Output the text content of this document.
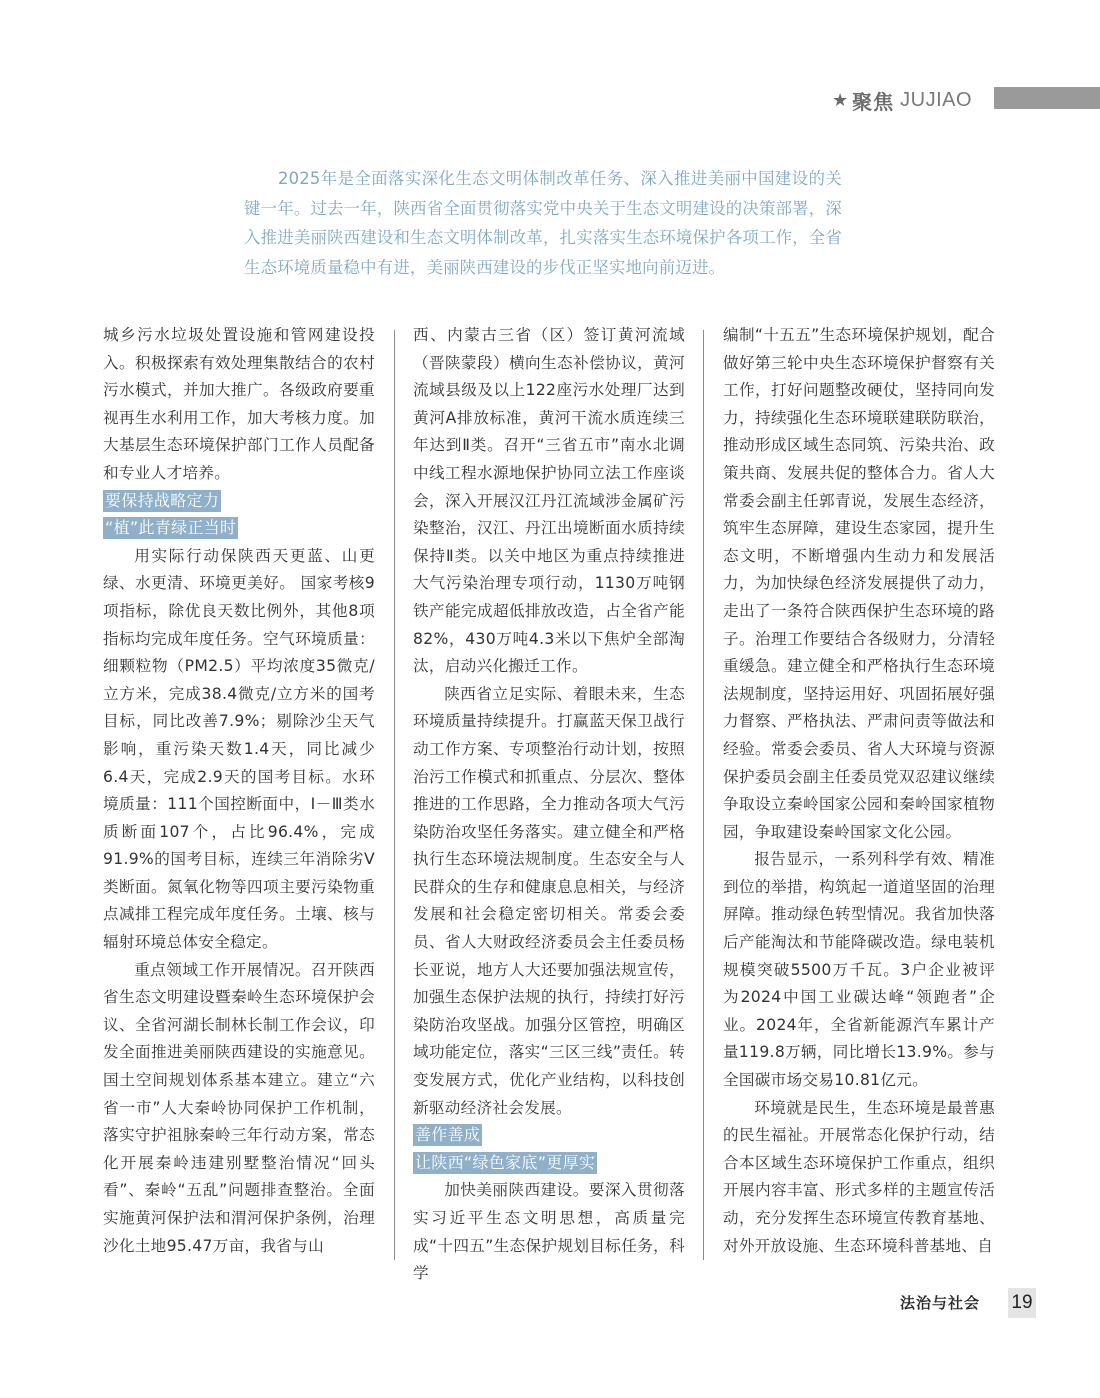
★ 聚焦 JUJIAO
2025年是全面落实深化生态文明体制改革任务、深入推进美丽中国建设的关键一年。过去一年，陕西省全面贯彻落实党中央关于生态文明建设的决策部署，深入推进美丽陕西建设和生态文明体制改革，扎实落实生态环境保护各项工作，全省生态环境质量稳中有进，美丽陕西建设的步伐正坚实地向前迈进。

城乡污水垃圾处置设施和管网建设投入。积极探索有效处理集散结合的农村污水模式，并加大推广。各级政府要重视再生水利用工作，加大考核力度。加大基层生态环境保护部门工作人员配备和专业人才培养。

要保持战略定力
“植”此青绿正当时

用实际行动保陕西天更蓝、山更绿、水更清、环境更美好。 国家考核9项指标，除优良天数比例外，其他8项指标均完成年度任务。空气环境质量：细颗粒物（PM2.5）平均浓度35微克/立方米，完成38.4微克/立方米的国考目标，同比改善7.9%；剔除沙尘天气影响，重污染天数1.4天，同比减少6.4天，完成2.9天的国考目标。水环境质量：111个国控断面中，Ⅰ－Ⅲ类水质断面107个，占比96.4%，完成91.9%的国考目标，连续三年消除劣Ⅴ类断面。氮氧化物等四项主要污染物重点减排工程完成年度任务。土壤、核与辐射环境总体安全稳定。

重点领域工作开展情况。召开陕西省生态文明建设暨秦岭生态环境保护会议、全省河湖长制林长制工作会议，印发全面推进美丽陕西建设的实施意见。国土空间规划体系基本建立。建立“六省一市”人大秦岭协同保护工作机制，落实守护祖脉秦岭三年行动方案，常态化开展秦岭违建别墅整治情况“回头看”、秦岭“五乱”问题排查整治。全面实施黄河保护法和渭河保护条例，治理沙化土地95.47万亩，我省与山

西、内蒙古三省（区）签订黄河流域（晋陕蒙段）横向生态补偿协议，黄河流域县级及以上122座污水处理厂达到黄河A排放标准，黄河干流水质连续三年达到Ⅱ类。召开“三省五市”南水北调中线工程水源地保护协同立法工作座谈会，深入开展汉江丹江流域涉金属矿污染整治，汉江、丹江出境断面水质持续保持Ⅱ类。以关中地区为重点持续推进大气污染治理专项行动，1130万吨钢铁产能完成超低排放改造，占全省产能82%，430万吨4.3米以下焦炉全部淘汰，启动兴化搬迁工作。

陕西省立足实际、着眼未来，生态环境质量持续提升。打赢蓝天保卫战行动工作方案、专项整治行动计划，按照治污工作模式和抓重点、分层次、整体推进的工作思路，全力推动各项大气污染防治攻坚任务落实。建立健全和严格执行生态环境法规制度。生态安全与人民群众的生存和健康息息相关，与经济发展和社会稳定密切相关。常委会委员、省人大财政经济委员会主任委员杨长亚说，地方人大还要加强法规宣传，加强生态保护法规的执行，持续打好污染防治攻坚战。加强分区管控，明确区域功能定位，落实“三区三线”责任。转变发展方式，优化产业结构，以科技创新驱动经济社会发展。

善作善成
让陕西“绿色家底”更厚实

加快美丽陕西建设。要深入贯彻落实习近平生态文明思想，高质量完成“十四五”生态保护规划目标任务，科学

编制“十五五”生态环境保护规划，配合做好第三轮中央生态环境保护督察有关工作，打好问题整改硬仗，坚持同向发力，持续强化生态环境联建联防联治，推动形成区域生态同筑、污染共治、政策共商、发展共促的整体合力。省人大常委会副主任郭青说，发展生态经济，筑牢生态屏障，建设生态家园，提升生态文明，不断增强内生动力和发展活力，为加快绿色经济发展提供了动力，走出了一条符合陕西保护生态环境的路子。治理工作要结合各级财力，分清轻重缓急。建立健全和严格执行生态环境法规制度，坚持运用好、巩固拓展好强力督察、严格执法、严肃问责等做法和经验。常委会委员、省人大环境与资源保护委员会副主任委员党双忍建议继续争取设立秦岭国家公园和秦岭国家植物园，争取建设秦岭国家文化公园。

报告显示，一系列科学有效、精准到位的举措，构筑起一道道坚固的治理屏障。推动绿色转型情况。我省加快落后产能淘汰和节能降碳改造。绿电装机规模突破5500万千瓦。3户企业被评为2024中国工业碳达峰“领跑者”企业。2024年，全省新能源汽车累计产量119.8万辆，同比增长13.9%。参与全国碳市场交易10.81亿元。

环境就是民生，生态环境是最普惠的民生福祉。开展常态化保护行动，结合本区域生态环境保护工作重点，组织开展内容丰富、形式多样的主题宣传活动，充分发挥生态环境宣传教育基地、对外开放设施、生态环境科普基地、自

法治与社会 19
